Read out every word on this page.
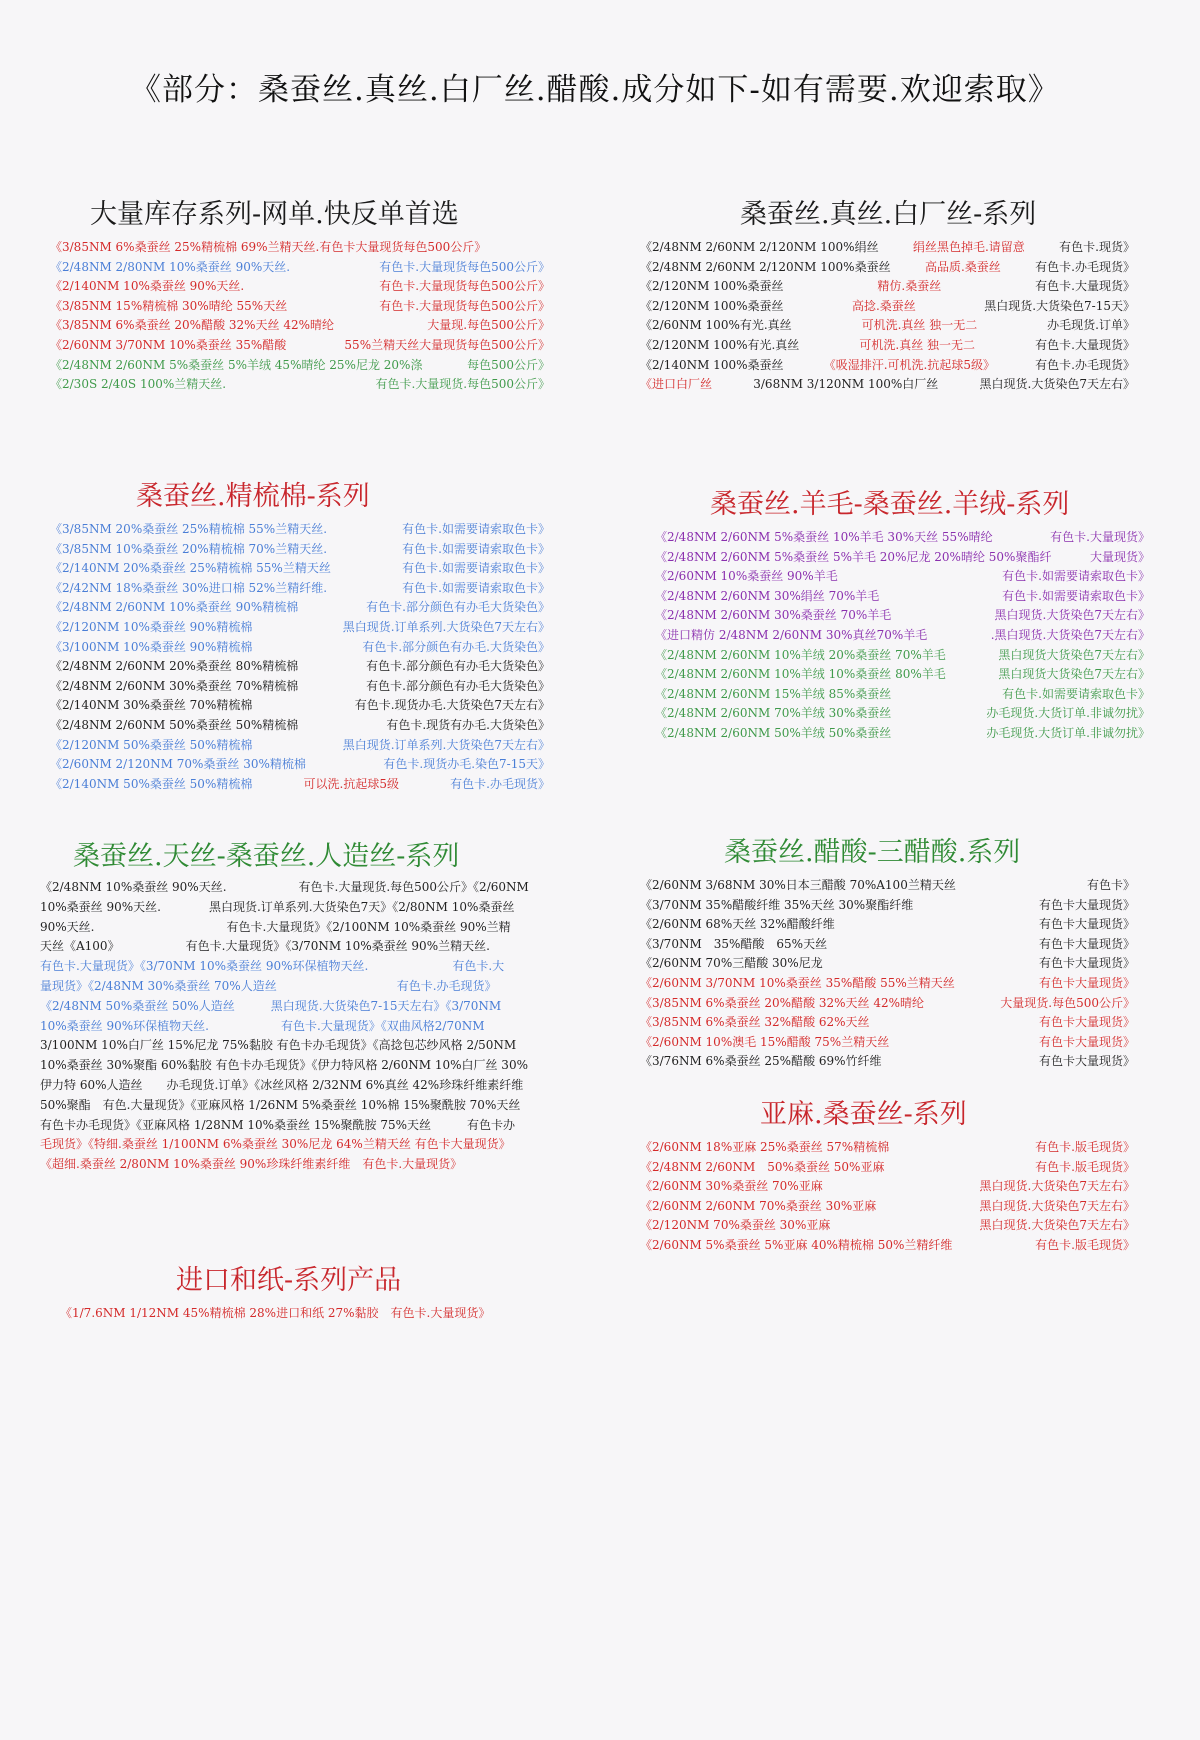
《部分：桑蚕丝.真丝.白厂丝.醋酸.成分如下-如有需要.欢迎索取》
大量库存系列-网单.快反单首选
《3/85NM 6%桑蚕丝 25%精梳棉 69%兰精天丝.有色卡大量现货每色500公斤》
《2/48NM 2/80NM 10%桑蚕丝 90%天丝.	有色卡.大量现货每色500公斤》
《2/140NM 10%桑蚕丝 90%天丝.	有色卡.大量现货每色500公斤》
《3/85NM 15%精梳棉 30%晴纶 55%天丝	有色卡.大量现货每色500公斤》
《3/85NM 6%桑蚕丝 20%醋酸 32%天丝 42%晴纶	大量现.每色500公斤》
《2/60NM 3/70NM 10%桑蚕丝 35%醋酸	55%兰精天丝大量现货每色500公斤》
《2/48NM 2/60NM 5%桑蚕丝 5%羊绒 45%晴纶 25%尼龙 20%涤	每色500公斤》
《2/30S 2/40S 100%兰精天丝.	有色卡.大量现货.每色500公斤》
桑蚕丝.真丝.白厂丝-系列
《2/48NM 2/60NM 2/120NM 100%绢丝	绢丝黑色掉毛.请留意	有色卡.现货》
《2/48NM 2/60NM 2/120NM 100%桑蚕丝	高品质.桑蚕丝	有色卡.办毛现货》
《2/120NM 100%桑蚕丝	精仿.桑蚕丝	有色卡.大量现货》
《2/120NM 100%桑蚕丝	高捻.桑蚕丝	黑白现货.大货染色7-15天》
《2/60NM 100%有光.真丝	可机洗.真丝 独一无二	办毛现货.订单》
《2/120NM 100%有光.真丝	可机洗.真丝 独一无二	有色卡.大量现货》
《2/140NM 100%桑蚕丝	《吸湿排汗.可机洗.抗起球5级》	有色卡.办毛现货》
《进口白厂丝	3/68NM 3/120NM 100%白厂丝	黑白现货.大货染色7天左右》
桑蚕丝.精梳棉-系列
《3/85NM 20%桑蚕丝 25%精梳棉 55%兰精天丝.	有色卡.如需要请索取色卡》
《3/85NM 10%桑蚕丝 20%精梳棉 70%兰精天丝.	有色卡.如需要请索取色卡》
《2/140NM 20%桑蚕丝 25%精梳棉 55%兰精天丝	有色卡.如需要请索取色卡》
《2/42NM 18%桑蚕丝 30%进口棉 52%兰精纤维.	有色卡.如需要请索取色卡》
《2/48NM 2/60NM 10%桑蚕丝 90%精梳棉	有色卡.部分颜色有办毛大货染色》
《2/120NM 10%桑蚕丝 90%精梳棉	黑白现货.订单系列.大货染色7天左右》
《3/100NM 10%桑蚕丝 90%精梳棉	有色卡.部分颜色有办毛.大货染色》
《2/48NM 2/60NM 20%桑蚕丝 80%精梳棉	有色卡.部分颜色有办毛大货染色》
《2/48NM 2/60NM 30%桑蚕丝 70%精梳棉	有色卡.部分颜色有办毛大货染色》
《2/140NM 30%桑蚕丝 70%精梳棉	有色卡.现货办毛.大货染色7天左右》
《2/48NM 2/60NM 50%桑蚕丝 50%精梳棉	有色卡.现货有办毛.大货染色》
《2/120NM 50%桑蚕丝 50%精梳棉	黑白现货.订单系列.大货染色7天左右》
《2/60NM 2/120NM 70%桑蚕丝 30%精梳棉	有色卡.现货办毛.染色7-15天》
《2/140NM 50%桑蚕丝 50%精梳棉	可以洗.抗起球5级	有色卡.办毛现货》
桑蚕丝.羊毛-桑蚕丝.羊绒-系列
《2/48NM 2/60NM 5%桑蚕丝 10%羊毛 30%天丝 55%晴纶	有色卡.大量现货》
《2/48NM 2/60NM 5%桑蚕丝 5%羊毛 20%尼龙 20%晴纶 50%聚酯纤	大量现货》
《2/60NM 10%桑蚕丝 90%羊毛	有色卡.如需要请索取色卡》
《2/48NM 2/60NM 30%绢丝 70%羊毛	有色卡.如需要请索取色卡》
《2/48NM 2/60NM 30%桑蚕丝 70%羊毛	黑白现货.大货染色7天左右》
《进口精仿 2/48NM 2/60NM 30%真丝70%羊毛	.黑白现货.大货染色7天左右》
《2/48NM 2/60NM 10%羊绒 20%桑蚕丝 70%羊毛	黑白现货大货染色7天左右》
《2/48NM 2/60NM 10%羊绒 10%桑蚕丝 80%羊毛	黑白现货大货染色7天左右》
《2/48NM 2/60NM 15%羊绒 85%桑蚕丝	有色卡.如需要请索取色卡》
《2/48NM 2/60NM 70%羊绒 30%桑蚕丝	办毛现货.大货订单.非诚勿扰》
《2/48NM 2/60NM 50%羊绒 50%桑蚕丝	办毛现货.大货订单.非诚勿扰》
桑蚕丝.天丝-桑蚕丝.人造丝-系列
《2/48NM 10%桑蚕丝 90%天丝.　　　　　　有色卡.大量现货.每色500公斤》《2/60NM
10%桑蚕丝 90%天丝.　　　　黑白现货.订单系列.大货染色7天》《2/80NM 10%桑蚕丝
90%天丝.　　　　　　　　　　　有色卡.大量现货》《2/100NM 10%桑蚕丝 90%兰精
天丝《A100》　　　　　　有色卡.大量现货》《3/70NM 10%桑蚕丝 90%兰精天丝.
有色卡.大量现货》《3/70NM 10%桑蚕丝 90%环保植物天丝.　　　　　　　有色卡.大
量现货》《2/48NM 30%桑蚕丝 70%人造丝　　　　　　　　　　有色卡.办毛现货》
《2/48NM 50%桑蚕丝 50%人造丝　　　黑白现货.大货染色7-15天左右》《3/70NM
10%桑蚕丝 90%环保植物天丝.　　　　　　有色卡.大量现货》《双曲风格2/70NM
3/100NM 10%白厂丝 15%尼龙 75%黏胶 有色卡办毛现货》《高捻包芯纱风格 2/50NM
10%桑蚕丝 30%聚酯 60%黏胶 有色卡办毛现货》《伊力特风格 2/60NM 10%白厂丝 30%
伊力特 60%人造丝　　办毛现货.订单》《冰丝风格 2/32NM 6%真丝 42%珍珠纤维素纤维
50%聚酯　有色.大量现货》《亚麻风格 1/26NM 5%桑蚕丝 10%棉 15%聚酰胺 70%天丝
有色卡办毛现货》《亚麻风格 1/28NM 10%桑蚕丝 15%聚酰胺 75%天丝　　　有色卡办
毛现货》《特细.桑蚕丝 1/100NM 6%桑蚕丝 30%尼龙 64%兰精天丝 有色卡大量现货》
《超细.桑蚕丝 2/80NM 10%桑蚕丝 90%珍珠纤维素纤维　有色卡.大量现货》
桑蚕丝.醋酸-三醋酸.系列
《2/60NM 3/68NM 30%日本三醋酸 70%A100兰精天丝	有色卡》
《3/70NM 35%醋酸纤维 35%天丝 30%聚酯纤维	有色卡大量现货》
《2/60NM 68%天丝 32%醋酸纤维	有色卡大量现货》
《3/70NM　35%醋酸　65%天丝	有色卡大量现货》
《2/60NM 70%三醋酸 30%尼龙	有色卡大量现货》
《2/60NM 3/70NM 10%桑蚕丝 35%醋酸 55%兰精天丝	有色卡大量现货》
《3/85NM 6%桑蚕丝 20%醋酸 32%天丝 42%晴纶	大量现货.每色500公斤》
《3/85NM 6%桑蚕丝 32%醋酸 62%天丝	有色卡大量现货》
《2/60NM 10%澳毛 15%醋酸 75%兰精天丝	有色卡大量现货》
《3/76NM 6%桑蚕丝 25%醋酸 69%竹纤维	有色卡大量现货》
亚麻.桑蚕丝-系列
《2/60NM 18%亚麻 25%桑蚕丝 57%精梳棉	有色卡.版毛现货》
《2/48NM 2/60NM　50%桑蚕丝 50%亚麻	有色卡.版毛现货》
《2/60NM 30%桑蚕丝 70%亚麻	黑白现货.大货染色7天左右》
《2/60NM 2/60NM 70%桑蚕丝 30%亚麻	黑白现货.大货染色7天左右》
《2/120NM 70%桑蚕丝 30%亚麻	黑白现货.大货染色7天左右》
《2/60NM 5%桑蚕丝 5%亚麻 40%精梳棉 50%兰精纤维	有色卡.版毛现货》
进口和纸-系列产品
《1/7.6NM 1/12NM 45%精梳棉 28%进口和纸 27%黏胶　有色卡.大量现货》
